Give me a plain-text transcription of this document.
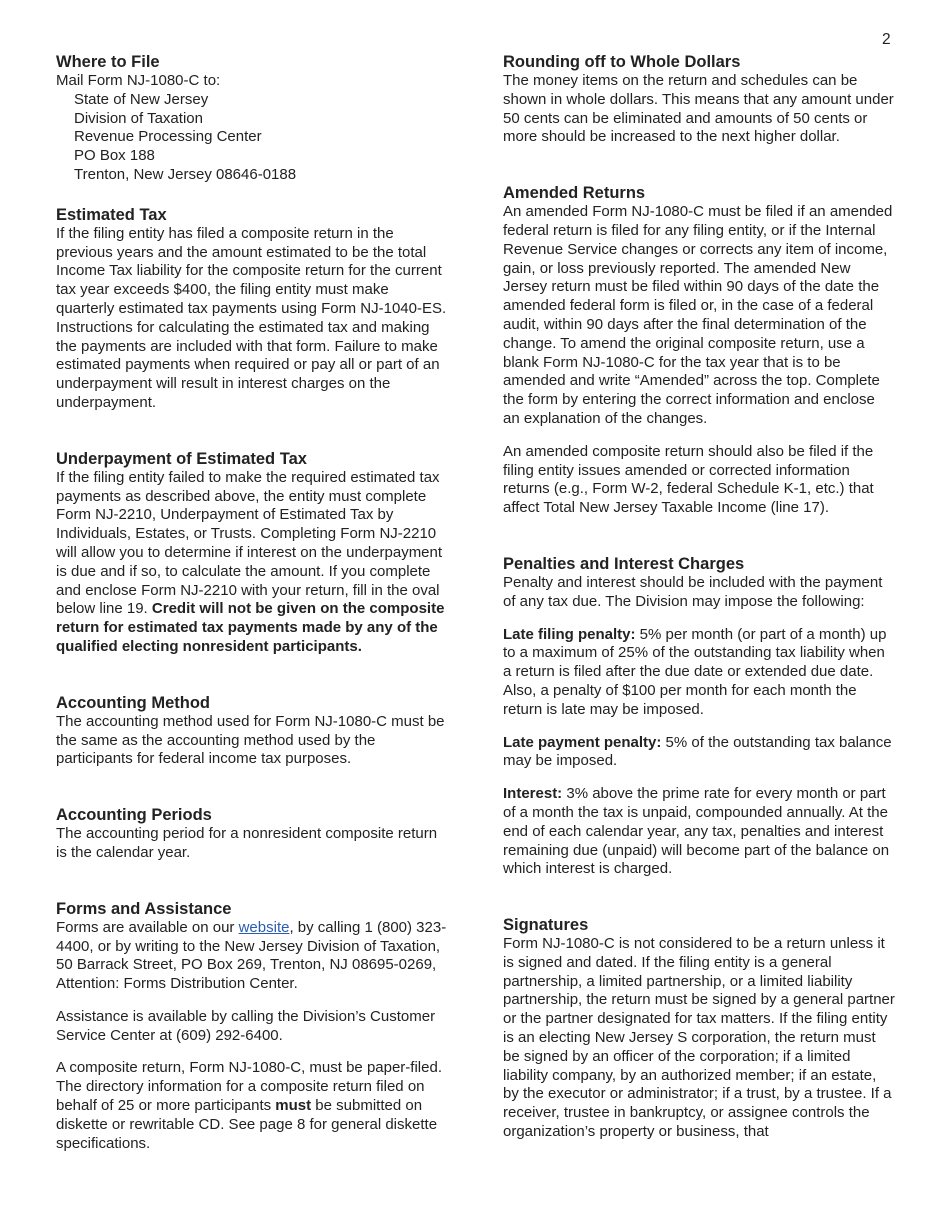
2
Where to File

Mail Form NJ-1080-C to:

State of New Jersey

Division of Taxation

Revenue Processing Center

PO Box 188

Trenton, New Jersey 08646-0188

Estimated Tax

If the filing entity has filed a composite return in the previous years and the amount estimated to be the total Income Tax liability for the composite return for the current tax year exceeds $400, the filing entity must make quarterly estimated tax payments using Form NJ-1040-ES. Instructions for calculating the estimated tax and making the payments are included with that form. Failure to make estimated payments when required or pay all or part of an underpayment will result in interest charges on the underpayment.

Underpayment of Estimated Tax

If the filing entity failed to make the required estimated tax payments as described above, the entity must complete Form NJ-2210, Underpayment of Estimated Tax by Individuals, Estates, or Trusts. Completing Form NJ-2210 will allow you to determine if interest on the underpayment is due and if so, to calculate the amount. If you complete and enclose Form NJ-2210 with your return, fill in the oval below line 19. Credit will not be given on the composite return for estimated tax payments made by any of the qualified electing nonresident participants.

Accounting Method

The accounting method used for Form NJ-1080-C must be the same as the accounting method used by the participants for federal income tax purposes.

Accounting Periods

The accounting period for a nonresident composite return is the calendar year.

Forms and Assistance

Forms are available on our website, by calling 1 (800) 323-4400, or by writing to the New Jersey Division of Taxation, 50 Barrack Street, PO Box 269, Trenton, NJ 08695-0269, Attention: Forms Distribution Center.

Assistance is available by calling the Division’s Customer Service Center at (609) 292-6400.

A composite return, Form NJ-1080-C, must be paper-filed. The directory information for a composite return filed on behalf of 25 or more participants must be submitted on diskette or rewritable CD. See page 8 for general diskette specifications.

Rounding off to Whole Dollars

The money items on the return and schedules can be shown in whole dollars. This means that any amount under 50 cents can be eliminated and amounts of 50 cents or more should be increased to the next higher dollar.

Amended Returns

An amended Form NJ-1080-C must be filed if an amended federal return is filed for any filing entity, or if the Internal Revenue Service changes or corrects any item of income, gain, or loss previously reported. The amended New Jersey return must be filed within 90 days of the date the amended federal form is filed or, in the case of a federal audit, within 90 days after the final determination of the change. To amend the original composite return, use a blank Form NJ-1080-C for the tax year that is to be amended and write “Amended” across the top. Complete the form by entering the correct information and enclose an explanation of the changes.

An amended composite return should also be filed if the filing entity issues amended or corrected information returns (e.g., Form W-2, federal Schedule K-1, etc.) that affect Total New Jersey Taxable Income (line 17).

Penalties and Interest Charges

Penalty and interest should be included with the payment of any tax due. The Division may impose the following:

Late filing penalty: 5% per month (or part of a month) up to a maximum of 25% of the outstanding tax liability when a return is filed after the due date or extended due date. Also, a penalty of $100 per month for each month the return is late may be imposed.

Late payment penalty: 5% of the outstanding tax balance may be imposed.

Interest: 3% above the prime rate for every month or part of a month the tax is unpaid, compounded annually. At the end of each calendar year, any tax, penalties and interest remaining due (unpaid) will become part of the balance on which interest is charged.

Signatures

Form NJ-1080-C is not considered to be a return unless it is signed and dated. If the filing entity is a general partnership, a limited partnership, or a limited liability partnership, the return must be signed by a general partner or the partner designated for tax matters. If the filing entity is an electing New Jersey S corporation, the return must be signed by an officer of the corporation; if a limited liability company, by an authorized member; if an estate, by the executor or administrator; if a trust, by a trustee. If a receiver, trustee in bankruptcy, or assignee controls the organization’s property or business, that
